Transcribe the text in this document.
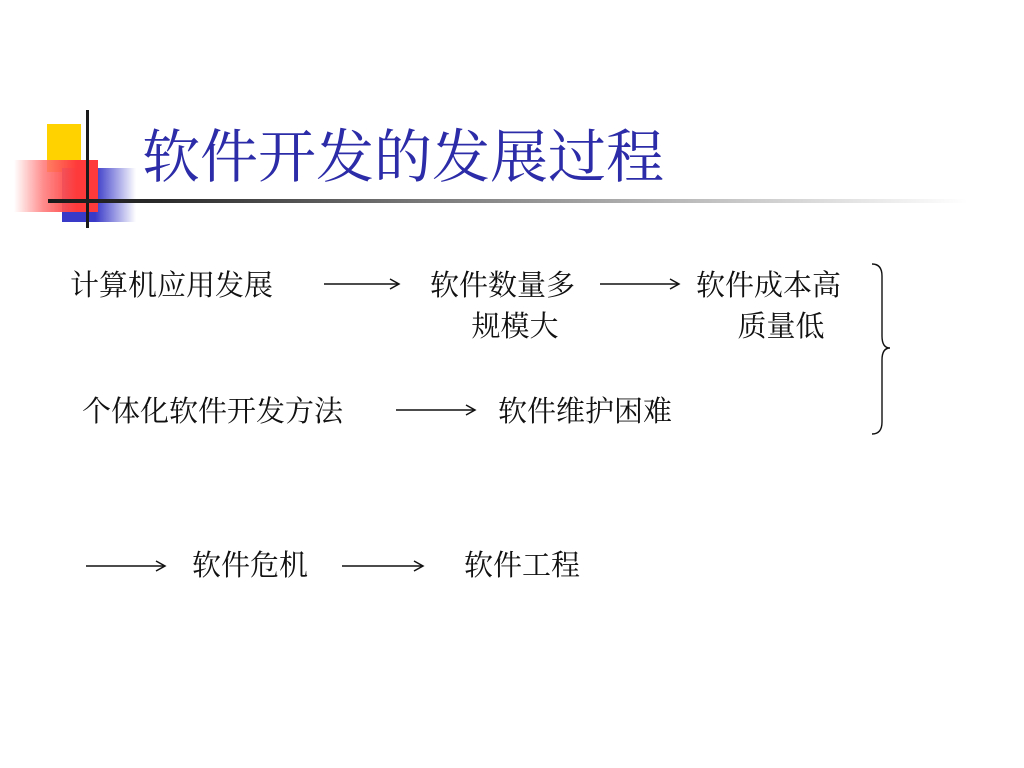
软件开发的发展过程
计算机应用发展	软件数量多
规模大
软件成本高
质量低
个体化软件开发方法	软件维护困难
软件危机	软件工程
